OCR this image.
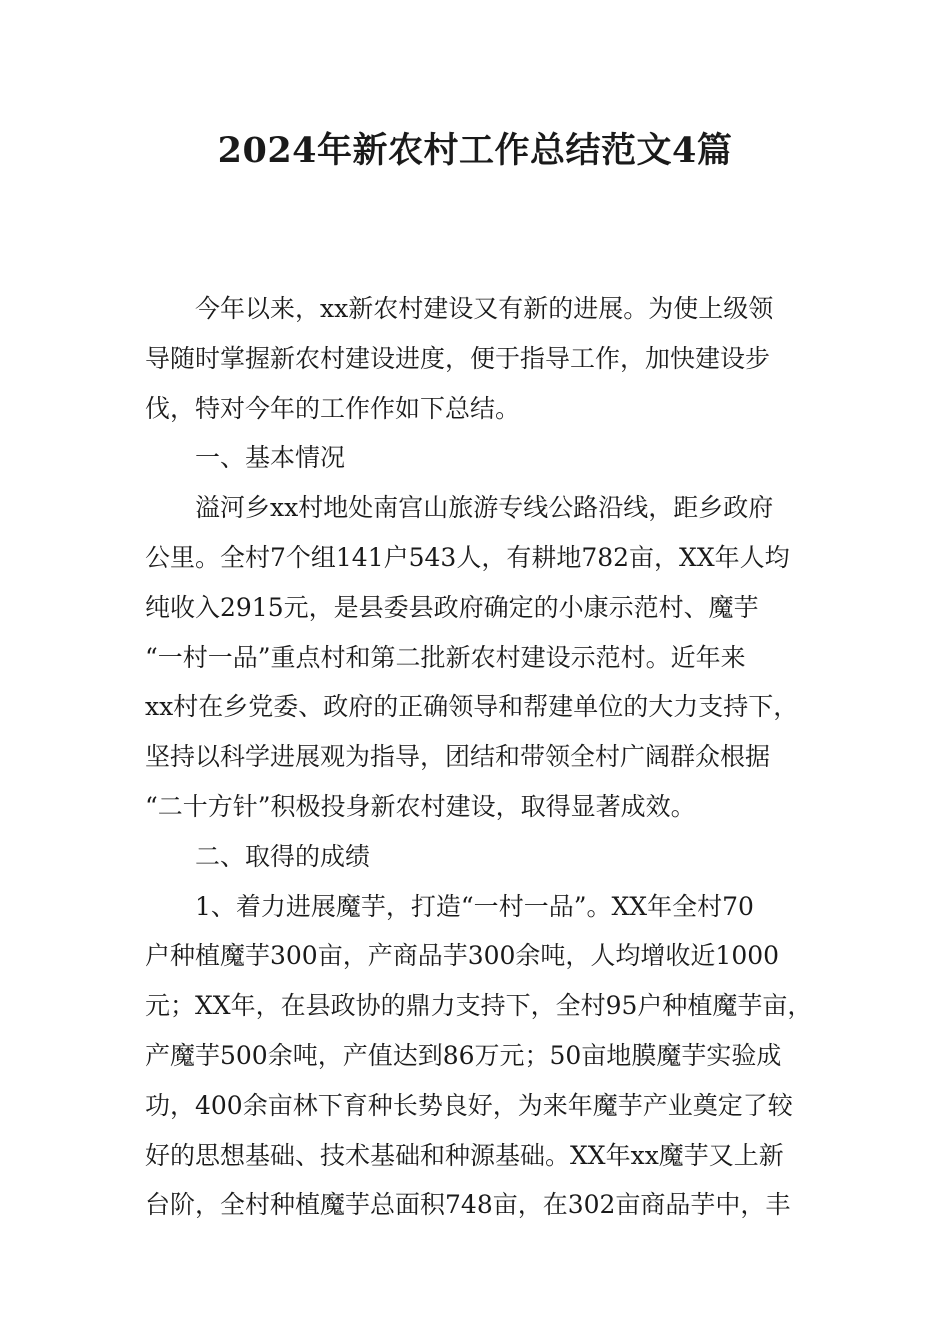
2024年新农村工作总结范文4篇

今年以来，xx新农村建设又有新的进展。为使上级领

导随时掌握新农村建设进度，便于指导工作，加快建设步

伐，特对今年的工作作如下总结。

一、基本情况

溢河乡xx村地处南宫山旅游专线公路沿线，距乡政府

公里。全村7个组141户543人，有耕地782亩，XX年人均

纯收入2915元，是县委县政府确定的小康示范村、魔芋

“一村一品”重点村和第二批新农村建设示范村。近年来

xx村在乡党委、政府的正确领导和帮建单位的大力支持下，

坚持以科学进展观为指导，团结和带领全村广阔群众根据

“二十方针”积极投身新农村建设，取得显著成效。

二、取得的成绩

1、着力进展魔芋，打造“一村一品”。XX年全村70

户种植魔芋300亩，产商品芋300余吨，人均增收近1000

元；XX年，在县政协的鼎力支持下，全村95户种植魔芋亩，

产魔芋500余吨，产值达到86万元；50亩地膜魔芋实验成

功，400余亩林下育种长势良好，为来年魔芋产业奠定了较

好的思想基础、技术基础和种源基础。XX年xx魔芋又上新

台阶，全村种植魔芋总面积748亩，在302亩商品芋中，丰
